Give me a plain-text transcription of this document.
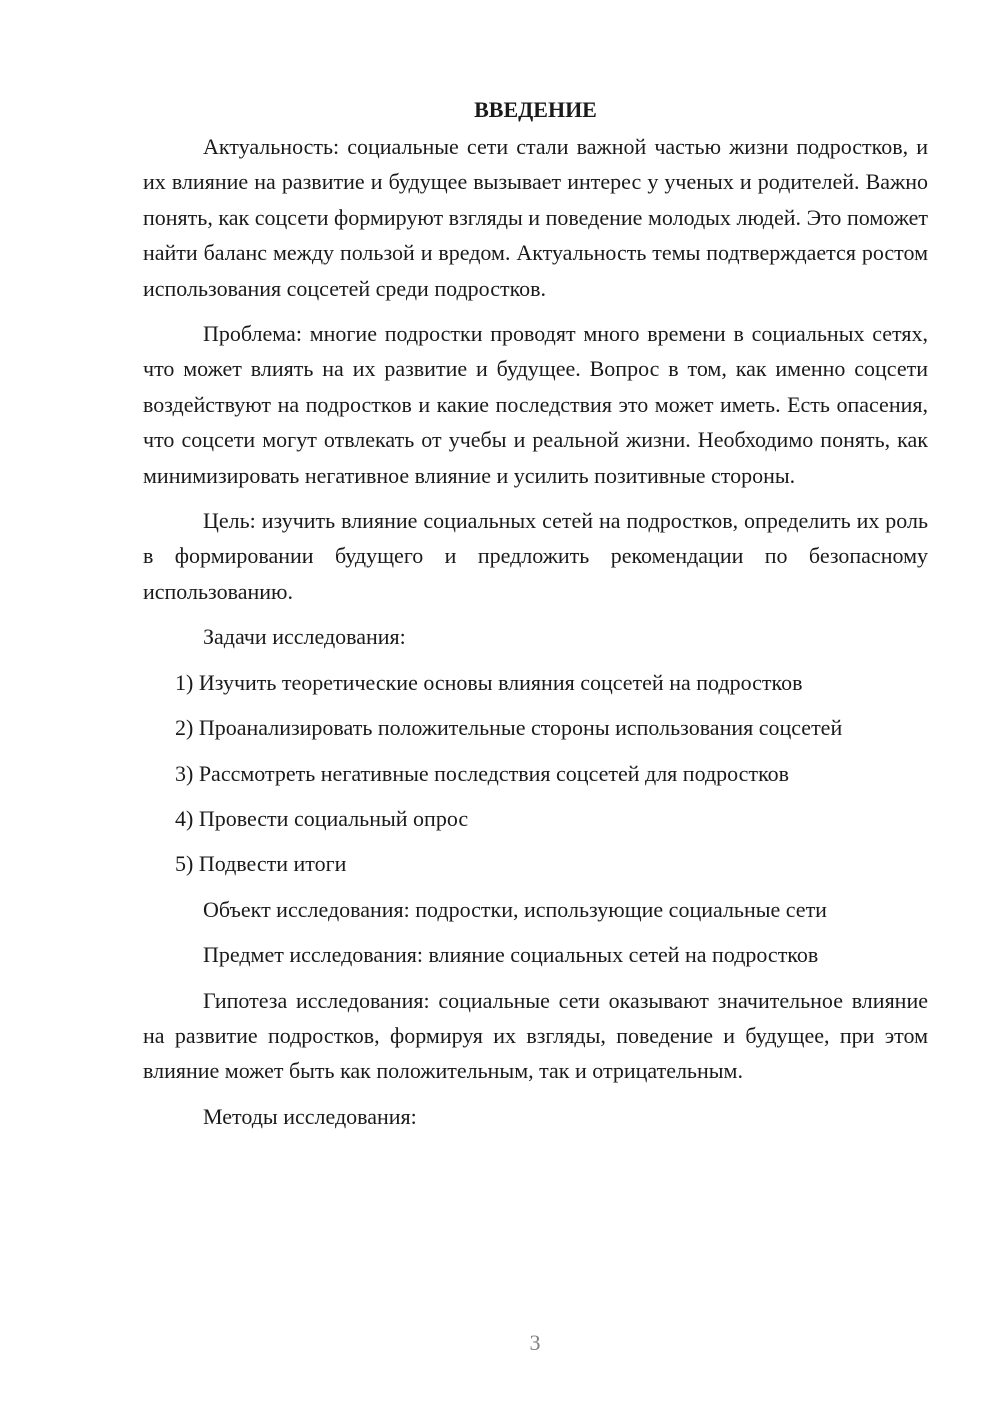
ВВЕДЕНИЕ

Актуальность: социальные сети стали важной частью жизни подростков, и их влияние на развитие и будущее вызывает интерес у ученых и родителей. Важно понять, как соцсети формируют взгляды и поведение молодых людей. Это поможет найти баланс между пользой и вредом. Актуальность темы подтверждается ростом использования соцсетей среди подростков.

Проблема: многие подростки проводят много времени в социальных сетях, что может влиять на их развитие и будущее. Вопрос в том, как именно соцсети воздействуют на подростков и какие последствия это может иметь. Есть опасения, что соцсети могут отвлекать от учебы и реальной жизни. Необходимо понять, как минимизировать негативное влияние и усилить позитивные стороны.

Цель: изучить влияние социальных сетей на подростков, определить их роль в формировании будущего и предложить рекомендации по безопасному использованию.

Задачи исследования:

1) Изучить теоретические основы влияния соцсетей на подростков

2) Проанализировать положительные стороны использования соцсетей

3) Рассмотреть негативные последствия соцсетей для подростков

4) Провести социальный опрос

5) Подвести итоги

Объект исследования: подростки, использующие социальные сети

Предмет исследования: влияние социальных сетей на подростков

Гипотеза исследования: социальные сети оказывают значительное влияние на развитие подростков, формируя их взгляды, поведение и будущее, при этом влияние может быть как положительным, так и отрицательным.

Методы исследования:

3
